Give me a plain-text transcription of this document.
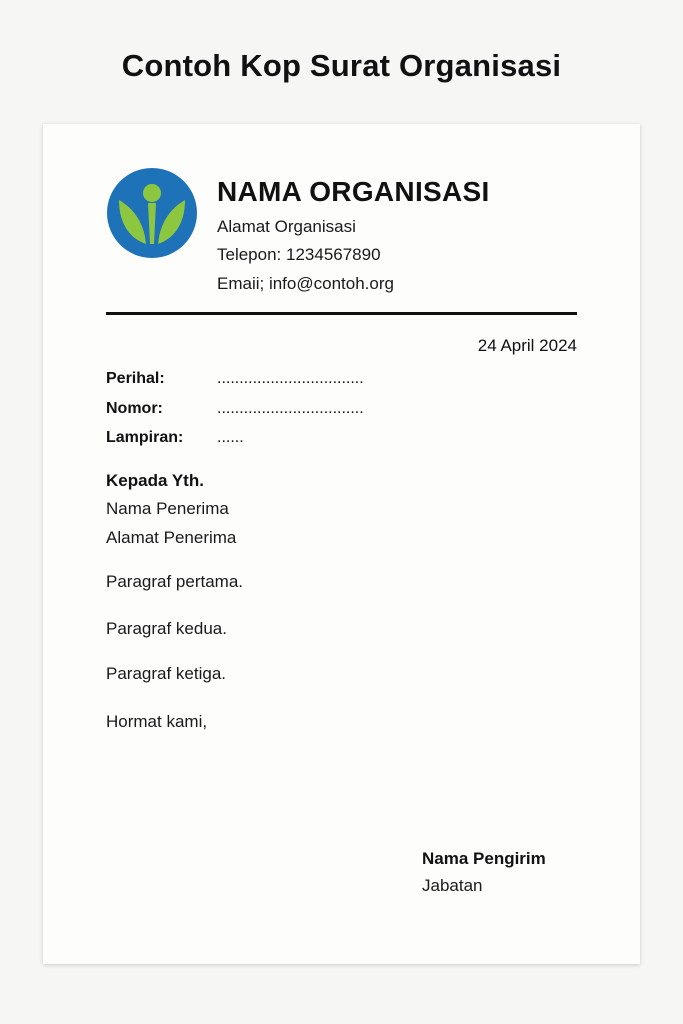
Contoh Kop Surat Organisasi
NAMA ORGANISASI
Alamat Organisasi
Telepon: 1234567890
Emaii; info@contoh.org
24 April 2024
Perihal:	.................................
Nomor:	.................................
Lampiran: ......
Kepada Yth.
Nama Penerima
Alamat Penerima
Paragraf pertama.
Paragraf kedua.
Paragraf ketiga.
Hormat kami,
Nama Pengirim
Jabatan
